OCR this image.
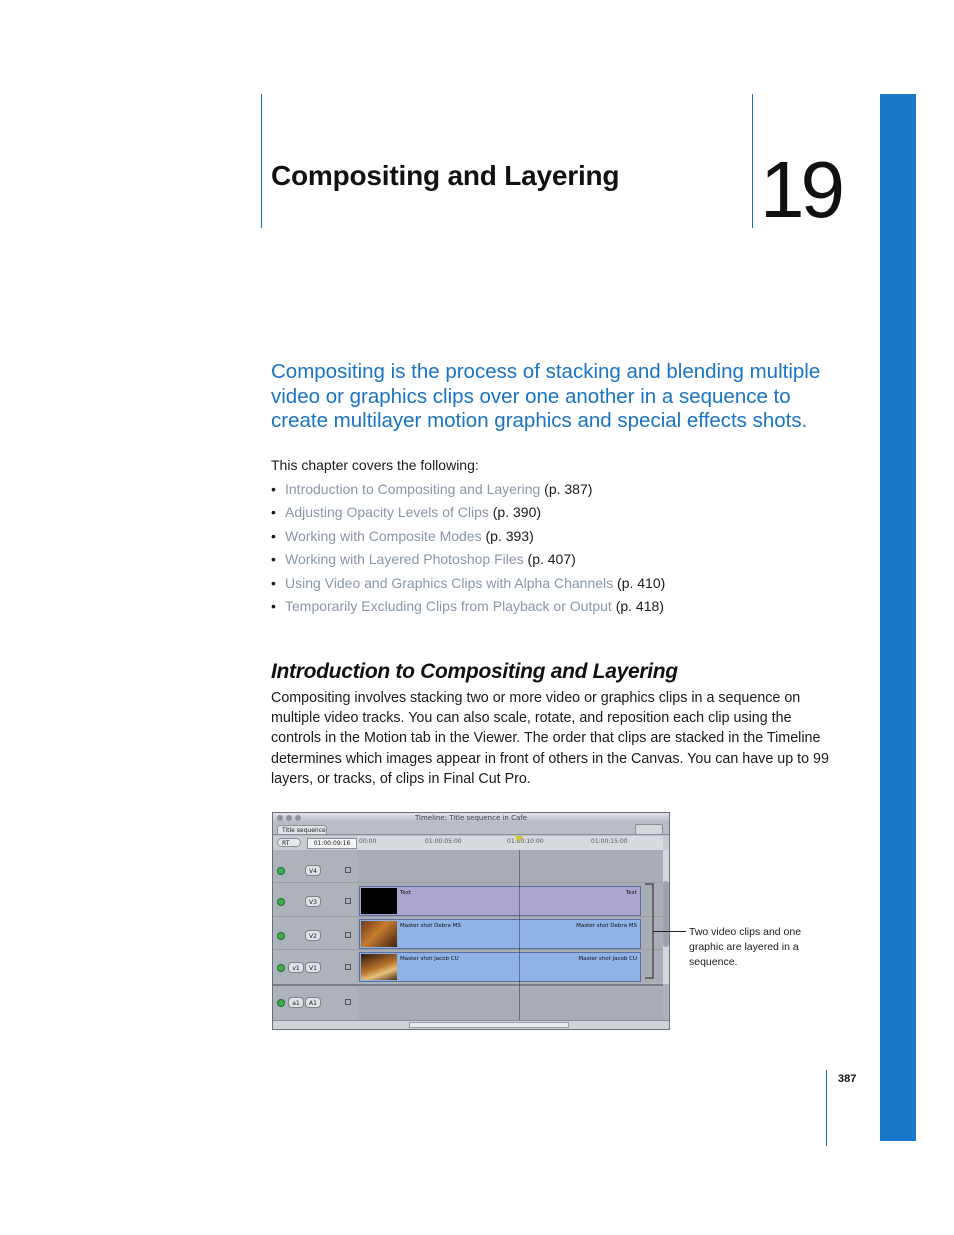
Compositing and Layering 19
Compositing is the process of stacking and blending multiple video or graphics clips over one another in a sequence to create multilayer motion graphics and special effects shots.
This chapter covers the following:
• Introduction to Compositing and Layering (p. 387)
• Adjusting Opacity Levels of Clips (p. 390)
• Working with Composite Modes (p. 393)
• Working with Layered Photoshop Files (p. 407)
• Using Video and Graphics Clips with Alpha Channels (p. 410)
• Temporarily Excluding Clips from Playback or Output (p. 418)
Introduction to Compositing and Layering
Compositing involves stacking two or more video or graphics clips in a sequence on multiple video tracks. You can also scale, rotate, and reposition each clip using the controls in the Motion tab in the Viewer. The order that clips are stacked in the Timeline determines which images appear in front of others in the Canvas. You can have up to 99 layers, or tracks, of clips in Final Cut Pro.
Timeline: Title sequence in Cafe
Title sequence
RT	01:00:09:16	00:00	01:00:05:00	01:00:10:00	01:00:15:00
V4
V3
V2
v1	V1
a1	A1
Text	Text
Master shot Debra MS	Master shot Debra MS
Master shot Jacob CU	Master shot Jacob CU
Two video clips and one graphic are layered in a sequence.
387
